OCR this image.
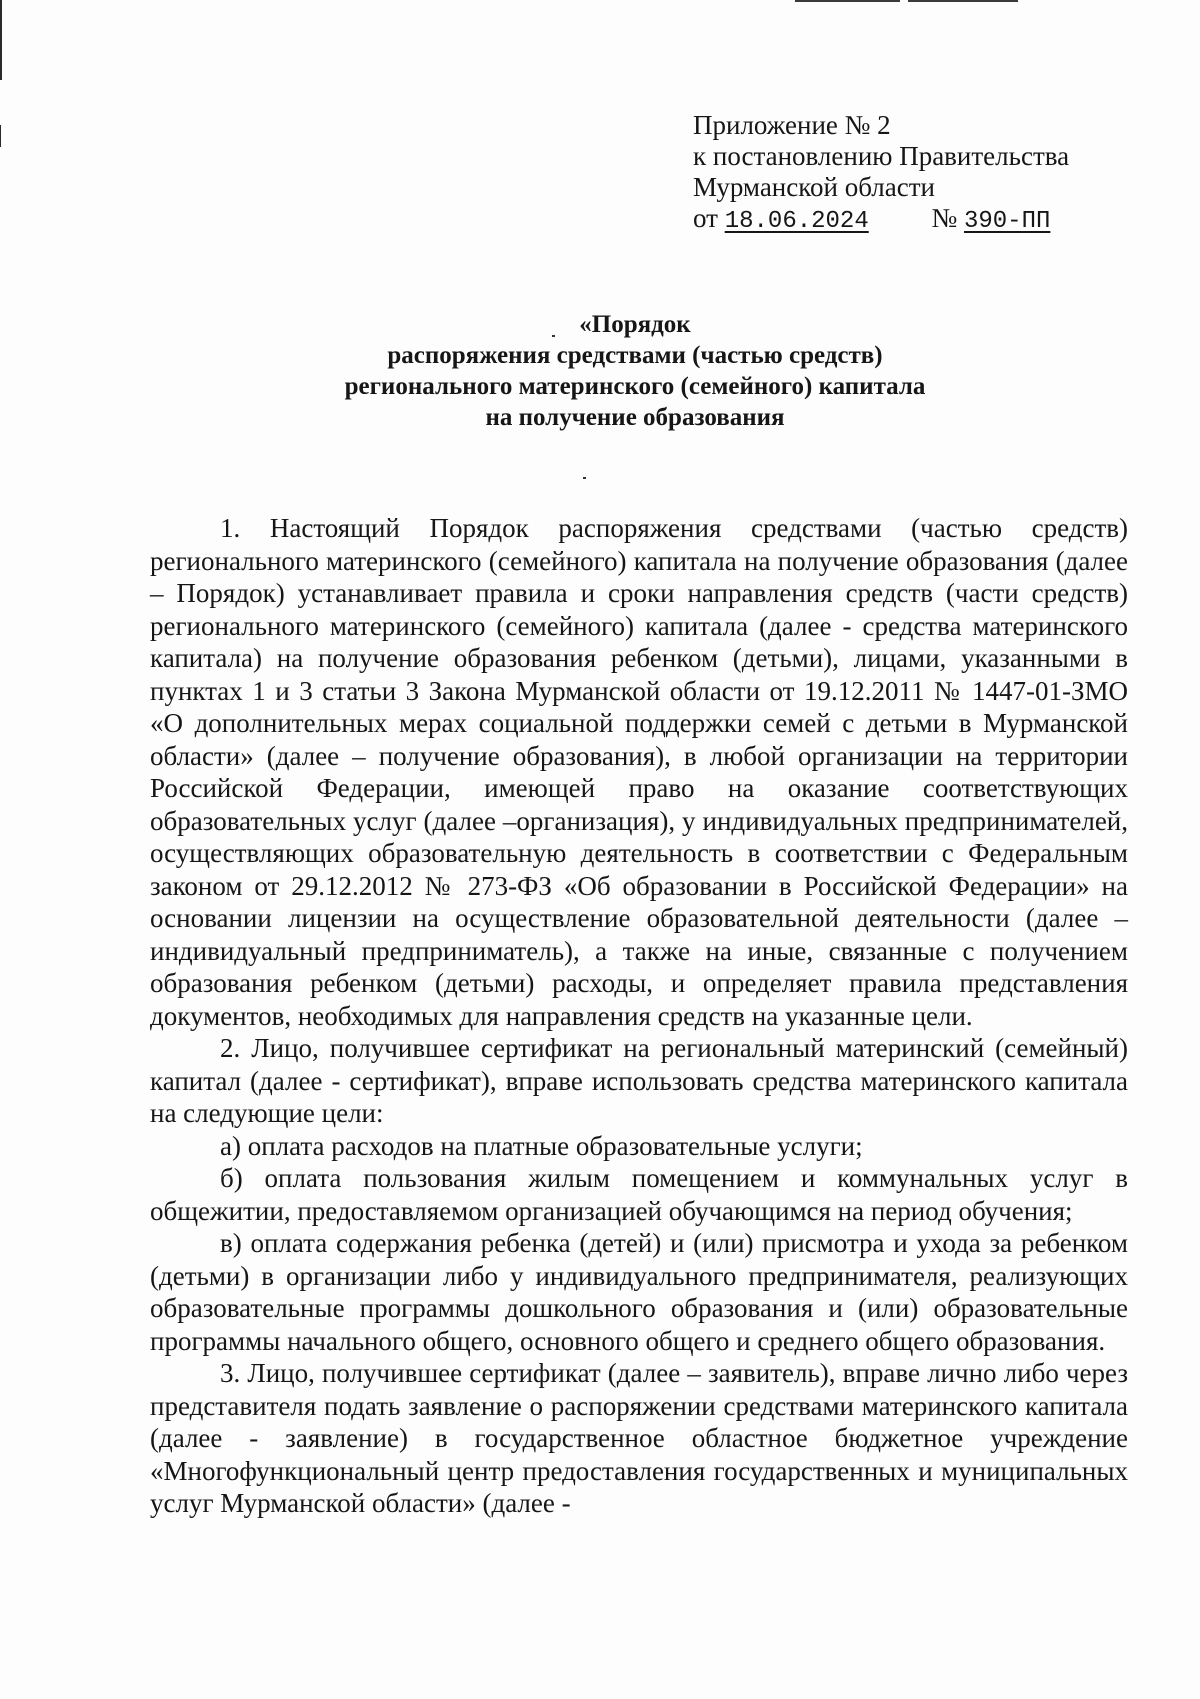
Приложение № 2
к постановлению Правительства
Мурманской области
от 18.06.2024 № 390-ПП
«Порядок
распоряжения средствами (частью средств)
регионального материнского (семейного) капитала
на получение образования

1. Настоящий Порядок распоряжения средствами (частью средств) регионального материнского (семейного) капитала на получение образования (далее – Порядок) устанавливает правила и сроки направления средств (части средств) регионального материнского (семейного) капитала (далее - средства материнского капитала) на получение образования ребенком (детьми), лицами, указанными в пунктах 1 и 3 статьи 3 Закона Мурманской области от 19.12.2011 № 1447-01-ЗМО «О дополнительных мерах социальной поддержки семей с детьми в Мурманской области» (далее – получение образования), в любой организации на территории Российской Федерации, имеющей право на оказание соответствующих образовательных услуг (далее –организация), у индивидуальных предпринимателей, осуществляющих образовательную деятельность в соответствии с Федеральным законом от 29.12.2012 № 273-ФЗ «Об образовании в Российской Федерации» на основании лицензии на осуществление образовательной деятельности (далее – индивидуальный предприниматель), а также на иные, связанные с получением образования ребенком (детьми) расходы, и определяет правила представления документов, необходимых для направления средств на указанные цели.

2. Лицо, получившее сертификат на региональный материнский (семейный) капитал (далее - сертификат), вправе использовать средства материнского капитала на следующие цели:

а) оплата расходов на платные образовательные услуги;

б) оплата пользования жилым помещением и коммунальных услуг в общежитии, предоставляемом организацией обучающимся на период обучения;

в) оплата содержания ребенка (детей) и (или) присмотра и ухода за ребенком (детьми) в организации либо у индивидуального предпринимателя, реализующих образовательные программы дошкольного образования и (или) образовательные программы начального общего, основного общего и среднего общего образования.

3. Лицо, получившее сертификат (далее – заявитель), вправе лично либо через представителя подать заявление о распоряжении средствами материнского капитала (далее - заявление) в государственное областное бюджетное учреждение «Многофункциональный центр предоставления государственных и муниципальных услуг Мурманской области» (далее -
